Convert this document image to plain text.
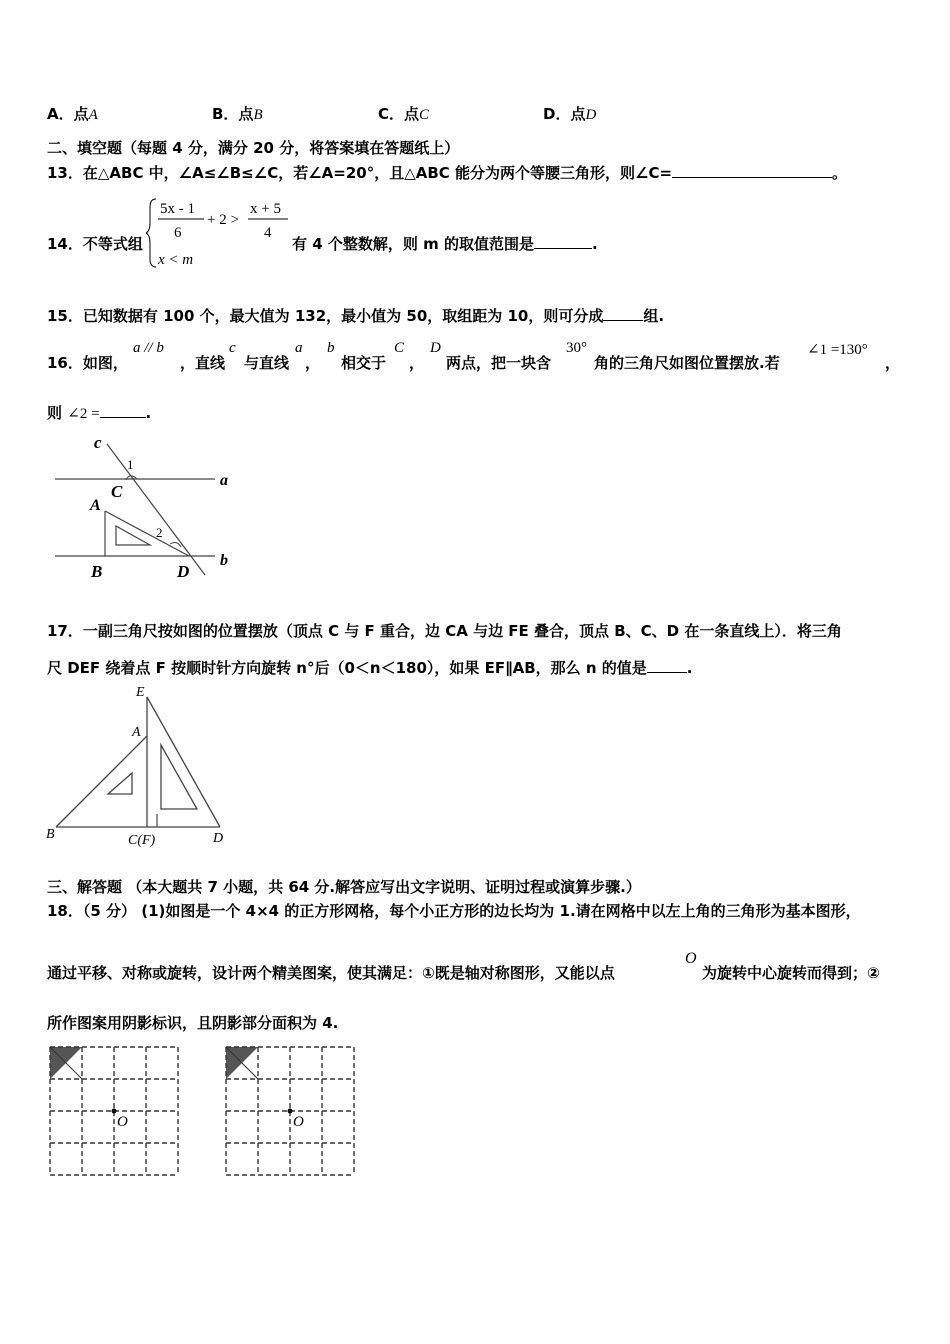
A．点A	B．点B	C．点C	D．点D
二、填空题（每题 4 分，满分 20 分，将答案填在答题纸上）
13．在△ABC 中，∠A≤∠B≤∠C，若∠A=20°，且△ABC 能分为两个等腰三角形，则∠C=	。
14．不等式组
5x - 1
6
+ 2 >
x + 5
4
x < m
有 4 个整数解，则 m 的取值范围是	.
15．已知数据有 100 个，最大值为 132，最小值为 50，取组距为 10，则可分成	组.
16．如图，
a // b
，直线
c
与直线
a
，
b
相交于
C
，
D
两点，把一块含
30°
角的三角尺如图位置摆放.若
∠1 =130°
，
则 ∠2 =	.
c
1
C
a
A
2
B	D
b
17．一副三角尺按如图的位置摆放（顶点 C 与 F 重合，边 CA 与边 FE 叠合，顶点 B、C、D 在一条直线上）．将三角
尺 DEF 绕着点 F 按顺时针方向旋转 n°后（0＜n＜180），如果 EF∥AB，那么 n 的值是	.
E
A
B	C(F)	D
三、解答题 （本大题共 7 小题，共 64 分.解答应写出文字说明、证明过程或演算步骤.）
18．（5 分） (1)如图是一个 4×4 的正方形网格，每个小正方形的边长均为 1.请在网格中以左上角的三角形为基本图形，
通过平移、对称或旋转，设计两个精美图案，使其满足：①既是轴对称图形，又能以点
O
为旋转中心旋转而得到；②
所作图案用阴影标识，且阴影部分面积为 4.
O	O
